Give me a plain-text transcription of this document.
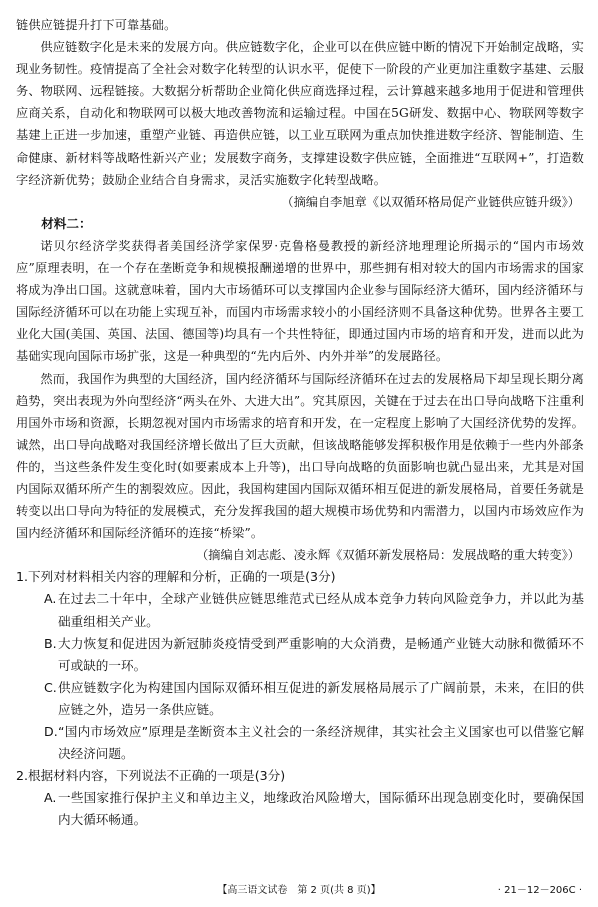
链供应链提升打下可靠基础。

供应链数字化是未来的发展方向。供应链数字化，企业可以在供应链中断的情况下开始制定战略，实现业务韧性。疫情提高了全社会对数字化转型的认识水平，促使下一阶段的产业更加注重数字基建、云服务、物联网、远程链接。大数据分析帮助企业简化供应商选择过程，云计算越来越多地用于促进和管理供应商关系，自动化和物联网可以极大地改善物流和运输过程。中国在5G研发、数据中心、物联网等数字基建上正进一步加速，重塑产业链、再造供应链，以工业互联网为重点加快推进数字经济、智能制造、生命健康、新材料等战略性新兴产业；发展数字商务，支撑建设数字供应链，全面推进“互联网+”，打造数字经济新优势；鼓励企业结合自身需求，灵活实施数字化转型战略。

（摘编自李旭章《以双循环格局促产业链供应链升级》）

材料二：

诺贝尔经济学奖获得者美国经济学家保罗·克鲁格曼教授的新经济地理理论所揭示的“国内市场效应”原理表明，在一个存在垄断竞争和规模报酬递增的世界中，那些拥有相对较大的国内市场需求的国家将成为净出口国。这就意味着，国内大市场循环可以支撑国内企业参与国际经济大循环，国内经济循环与国际经济循环可以在功能上实现互补，而国内市场需求较小的小国经济则不具备这种优势。世界各主要工业化大国(美国、英国、法国、德国等)均具有一个共性特征，即通过国内市场的培育和开发，进而以此为基础实现向国际市场扩张，这是一种典型的“先内后外、内外并举”的发展路径。

然而，我国作为典型的大国经济，国内经济循环与国际经济循环在过去的发展格局下却呈现长期分离趋势，突出表现为外向型经济“两头在外、大进大出”。究其原因，关键在于过去在出口导向战略下注重利用国外市场和资源，长期忽视对国内市场需求的培育和开发，在一定程度上影响了大国经济优势的发挥。诚然，出口导向战略对我国经济增长做出了巨大贡献，但该战略能够发挥积极作用是依赖于一些内外部条件的，当这些条件发生变化时(如要素成本上升等)，出口导向战略的负面影响也就凸显出来，尤其是对国内国际双循环所产生的割裂效应。因此，我国构建国内国际双循环相互促进的新发展格局，首要任务就是转变以出口导向为特征的发展模式，充分发挥我国的超大规模市场优势和内需潜力，以国内市场效应作为国内经济循环和国际经济循环的连接“桥梁”。

（摘编自刘志彪、凌永辉《双循环新发展格局：发展战略的重大转变》）

1.下列对材料相关内容的理解和分析，正确的一项是(3分)

A. 在过去二十年中，全球产业链供应链思维范式已经从成本竞争力转向风险竞争力，并以此为基础重组相关产业。
B. 大力恢复和促进因为新冠肺炎疫情受到严重影响的大众消费，是畅通产业链大动脉和微循环不可或缺的一环。
C. 供应链数字化为构建国内国际双循环相互促进的新发展格局展示了广阔前景，未来，在旧的供应链之外，造另一条供应链。
D. “国内市场效应”原理是垄断资本主义社会的一条经济规律，其实社会主义国家也可以借鉴它解决经济问题。

2.根据材料内容，下列说法不正确的一项是(3分)

A. 一些国家推行保护主义和单边主义，地缘政治风险增大，国际循环出现急剧变化时，要确保国内大循环畅通。
【高三语文试卷　第 2 页(共 8 页)】	· 21－12－206C ·
